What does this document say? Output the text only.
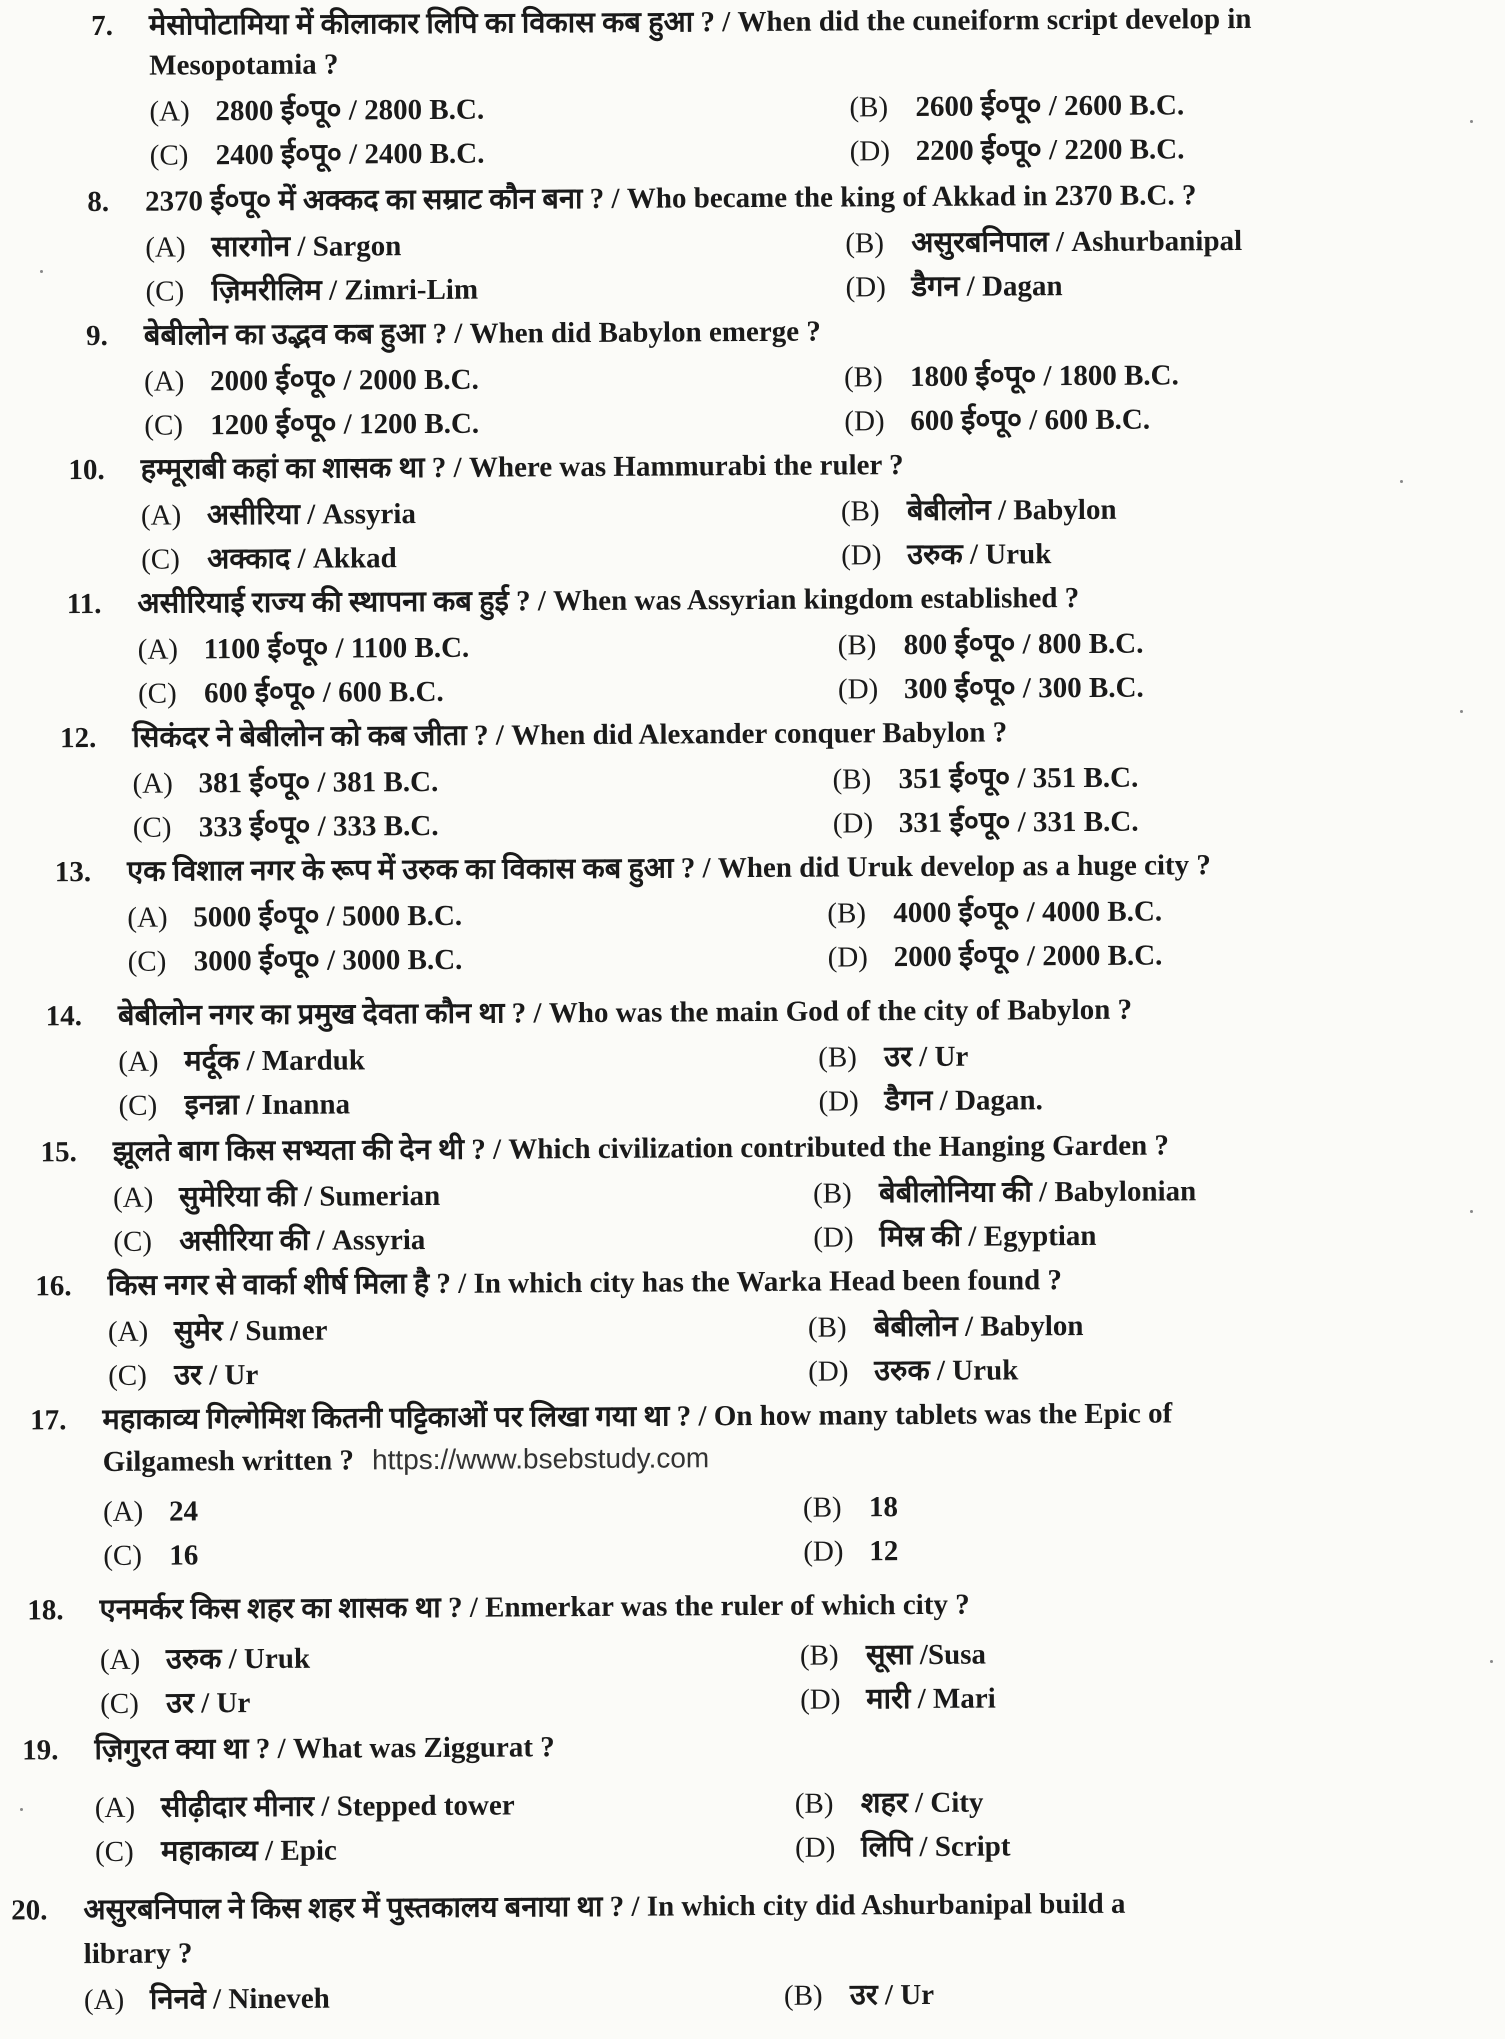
7.	मेसोपोटामिया में कीलाकार लिपि का विकास कब हुआ ? / When did the cuneiform script develop in
Mesopotamia ?
(A) 2800 ई०पू० / 2800 B.C.	(B) 2600 ई०पू० / 2600 B.C.
(C) 2400 ई०पू० / 2400 B.C.	(D) 2200 ई०पू० / 2200 B.C.
8.	2370 ई०पू० में अक्कद का सम्राट कौन बना ? / Who became the king of Akkad in 2370 B.C. ?
(A) सारगोन / Sargon	(B) असुरबनिपाल / Ashurbanipal
(C) ज़िमरीलिम / Zimri-Lim	(D) डैगन / Dagan
9.	बेबीलोन का उद्भव कब हुआ ? / When did Babylon emerge ?
(A) 2000 ई०पू० / 2000 B.C.	(B) 1800 ई०पू० / 1800 B.C.
(C) 1200 ई०पू० / 1200 B.C.	(D) 600 ई०पू० / 600 B.C.
10.	हम्मूराबी कहां का शासक था ? / Where was Hammurabi the ruler ?
(A) असीरिया / Assyria	(B) बेबीलोन / Babylon
(C) अक्काद / Akkad	(D) उरुक / Uruk
11.	असीरियाई राज्य की स्थापना कब हुई ? / When was Assyrian kingdom established ?
(A) 1100 ई०पू० / 1100 B.C.	(B) 800 ई०पू० / 800 B.C.
(C) 600 ई०पू० / 600 B.C.	(D) 300 ई०पू० / 300 B.C.
12.	सिकंदर ने बेबीलोन को कब जीता ? / When did Alexander conquer Babylon ?
(A) 381 ई०पू० / 381 B.C.	(B) 351 ई०पू० / 351 B.C.
(C) 333 ई०पू० / 333 B.C.	(D) 331 ई०पू० / 331 B.C.
13.	एक विशाल नगर के रूप में उरुक का विकास कब हुआ ? / When did Uruk develop as a huge city ?
(A) 5000 ई०पू० / 5000 B.C.	(B) 4000 ई०पू० / 4000 B.C.
(C) 3000 ई०पू० / 3000 B.C.	(D) 2000 ई०पू० / 2000 B.C.
14.	बेबीलोन नगर का प्रमुख देवता कौन था ? / Who was the main God of the city of Babylon ?
(A) मर्दूक / Marduk	(B) उर / Ur
(C) इनन्ना / Inanna	(D) डैगन / Dagan.
15.	झूलते बाग किस सभ्यता की देन थी ? / Which civilization contributed the Hanging Garden ?
(A) सुमेरिया की / Sumerian	(B) बेबीलोनिया की / Babylonian
(C) असीरिया की / Assyria	(D) मिस्र की / Egyptian
16.	किस नगर से वार्का शीर्ष मिला है ? / In which city has the Warka Head been found ?
(A) सुमेर / Sumer	(B) बेबीलोन / Babylon
(C) उर / Ur	(D) उरुक / Uruk
17.	महाकाव्य गिल्गेमिश कितनी पट्टिकाओं पर लिखा गया था ? / On how many tablets was the Epic of
Gilgamesh written ? https://www.bsebstudy.com
(A) 24	(B) 18
(C) 16	(D) 12
18.	एनमर्कर किस शहर का शासक था ? / Enmerkar was the ruler of which city ?
(A) उरुक / Uruk	(B) सूसा /Susa
(C) उर / Ur	(D) मारी / Mari
19.	ज़िगुरत क्या था ? / What was Ziggurat ?
(A) सीढ़ीदार मीनार / Stepped tower	(B) शहर / City
(C) महाकाव्य / Epic	(D) लिपि / Script
20.	असुरबनिपाल ने किस शहर में पुस्तकालय बनाया था ? / In which city did Ashurbanipal build a
library ?
(A) निनवे / Nineveh	(B) उर / Ur
